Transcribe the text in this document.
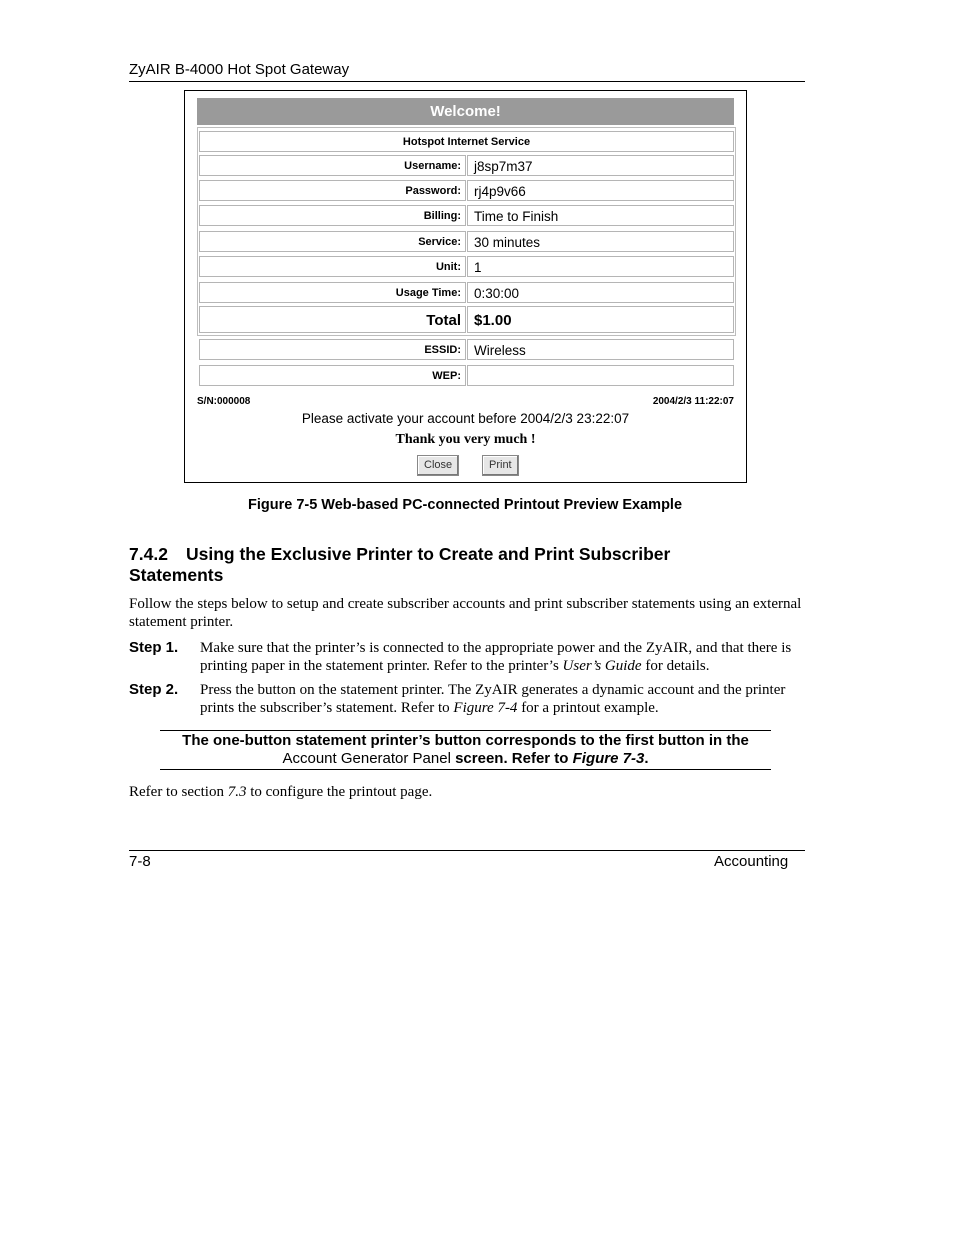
ZyAIR B-4000 Hot Spot Gateway
Welcome!
Hotspot Internet Service
Username: j8sp7m37
Password: rj4p9v66
Billing: Time to Finish
Service: 30 minutes
Unit: 1
Usage Time: 0:30:00
Total $1.00
ESSID: Wireless
WEP:
S/N:000008	2004/2/3 11:22:07
Please activate your account before 2004/2/3 23:22:07
Thank you very much !
Close	Print
Figure 7-5 Web-based PC-connected Printout Preview Example
7.4.2 Using the Exclusive Printer to Create and Print Subscriber Statements
Follow the steps below to setup and create subscriber accounts and print subscriber statements using an external statement printer.
Step 1. Make sure that the printer’s is connected to the appropriate power and the ZyAIR, and that there is printing paper in the statement printer. Refer to the printer’s User’s Guide for details.
Step 2. Press the button on the statement printer. The ZyAIR generates a dynamic account and the printer prints the subscriber’s statement. Refer to Figure 7-4 for a printout example.
The one-button statement printer’s button corresponds to the first button in the
Account Generator Panel screen. Refer to Figure 7-3.
Refer to section 7.3 to configure the printout page.
7-8	Accounting
